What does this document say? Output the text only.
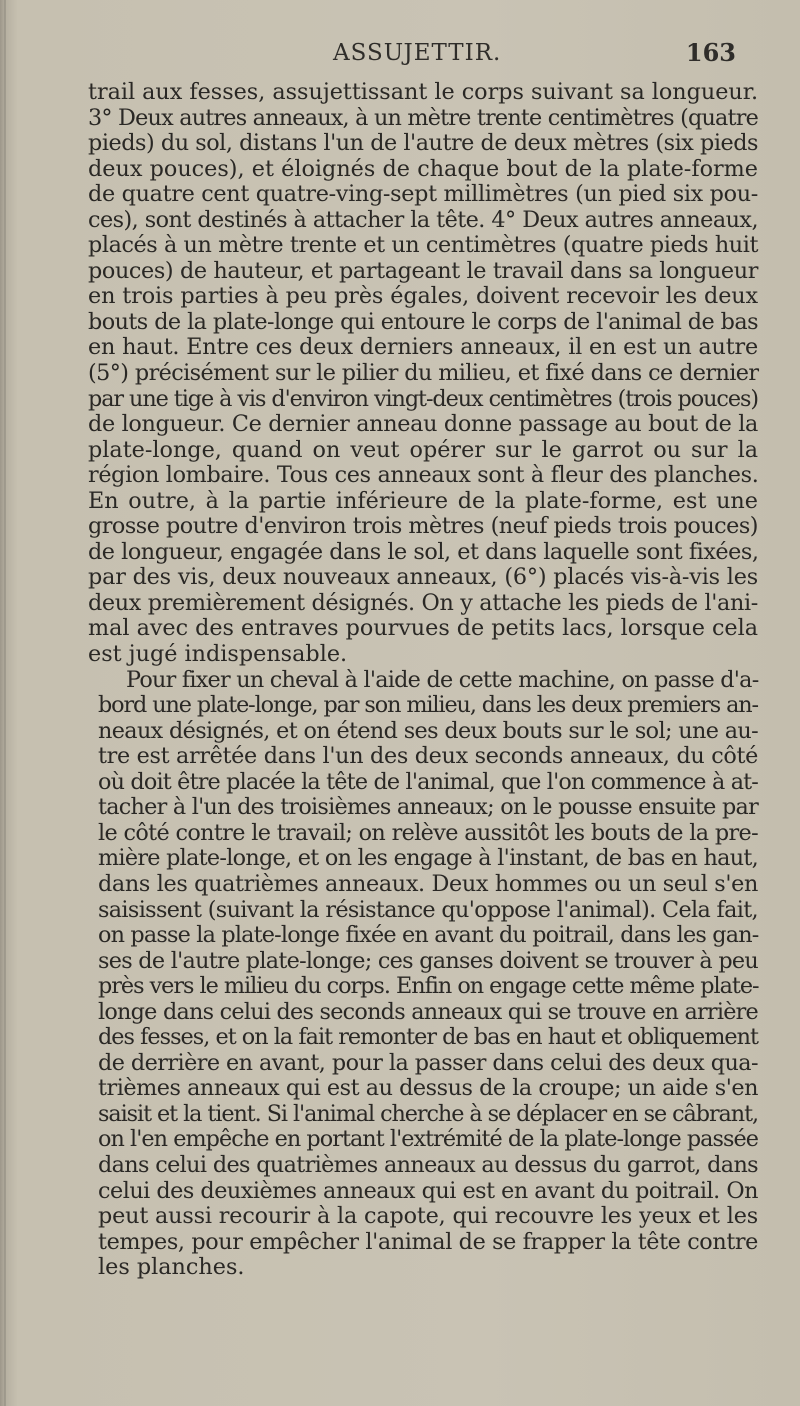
ASSUJETTIR.	163
trail aux fesses, assujettissant le corps suivant sa longueur.
3° Deux autres anneaux, à un mètre trente centimètres (quatre
pieds) du sol, distans l'un de l'autre de deux mètres (six pieds
deux pouces), et éloignés de chaque bout de la plate-forme
de quatre cent quatre-ving-sept millimètres (un pied six pou-
ces), sont destinés à attacher la tête. 4° Deux autres anneaux,
placés à un mètre trente et un centimètres (quatre pieds huit
pouces) de hauteur, et partageant le travail dans sa longueur
en trois parties à peu près égales, doivent recevoir les deux
bouts de la plate-longe qui entoure le corps de l'animal de bas
en haut. Entre ces deux derniers anneaux, il en est un autre
(5°) précisément sur le pilier du milieu, et fixé dans ce dernier
par une tige à vis d'environ vingt-deux centimètres (trois pouces)
de longueur. Ce dernier anneau donne passage au bout de la
plate-longe, quand on veut opérer sur le garrot ou sur la
région lombaire. Tous ces anneaux sont à fleur des planches.
En outre, à la partie inférieure de la plate-forme, est une
grosse poutre d'environ trois mètres (neuf pieds trois pouces)
de longueur, engagée dans le sol, et dans laquelle sont fixées,
par des vis, deux nouveaux anneaux, (6°) placés vis-à-vis les
deux premièrement désignés. On y attache les pieds de l'ani-
mal avec des entraves pourvues de petits lacs, lorsque cela
est jugé indispensable.
Pour fixer un cheval à l'aide de cette machine, on passe d'a-
bord une plate-longe, par son milieu, dans les deux premiers an-
neaux désignés, et on étend ses deux bouts sur le sol; une au-
tre est arrêtée dans l'un des deux seconds anneaux, du côté
où doit être placée la tête de l'animal, que l'on commence à at-
tacher à l'un des troisièmes anneaux; on le pousse ensuite par
le côté contre le travail; on relève aussitôt les bouts de la pre-
mière plate-longe, et on les engage à l'instant, de bas en haut,
dans les quatrièmes anneaux. Deux hommes ou un seul s'en
saisissent (suivant la résistance qu'oppose l'animal). Cela fait,
on passe la plate-longe fixée en avant du poitrail, dans les gan-
ses de l'autre plate-longe; ces ganses doivent se trouver à peu
près vers le milieu du corps. Enfin on engage cette même plate-
longe dans celui des seconds anneaux qui se trouve en arrière
des fesses, et on la fait remonter de bas en haut et obliquement
de derrière en avant, pour la passer dans celui des deux qua-
trièmes anneaux qui est au dessus de la croupe; un aide s'en
saisit et la tient. Si l'animal cherche à se déplacer en se câbrant,
on l'en empêche en portant l'extrémité de la plate-longe passée
dans celui des quatrièmes anneaux au dessus du garrot, dans
celui des deuxièmes anneaux qui est en avant du poitrail. On
peut aussi recourir à la capote, qui recouvre les yeux et les
tempes, pour empêcher l'animal de se frapper la tête contre
les planches.
